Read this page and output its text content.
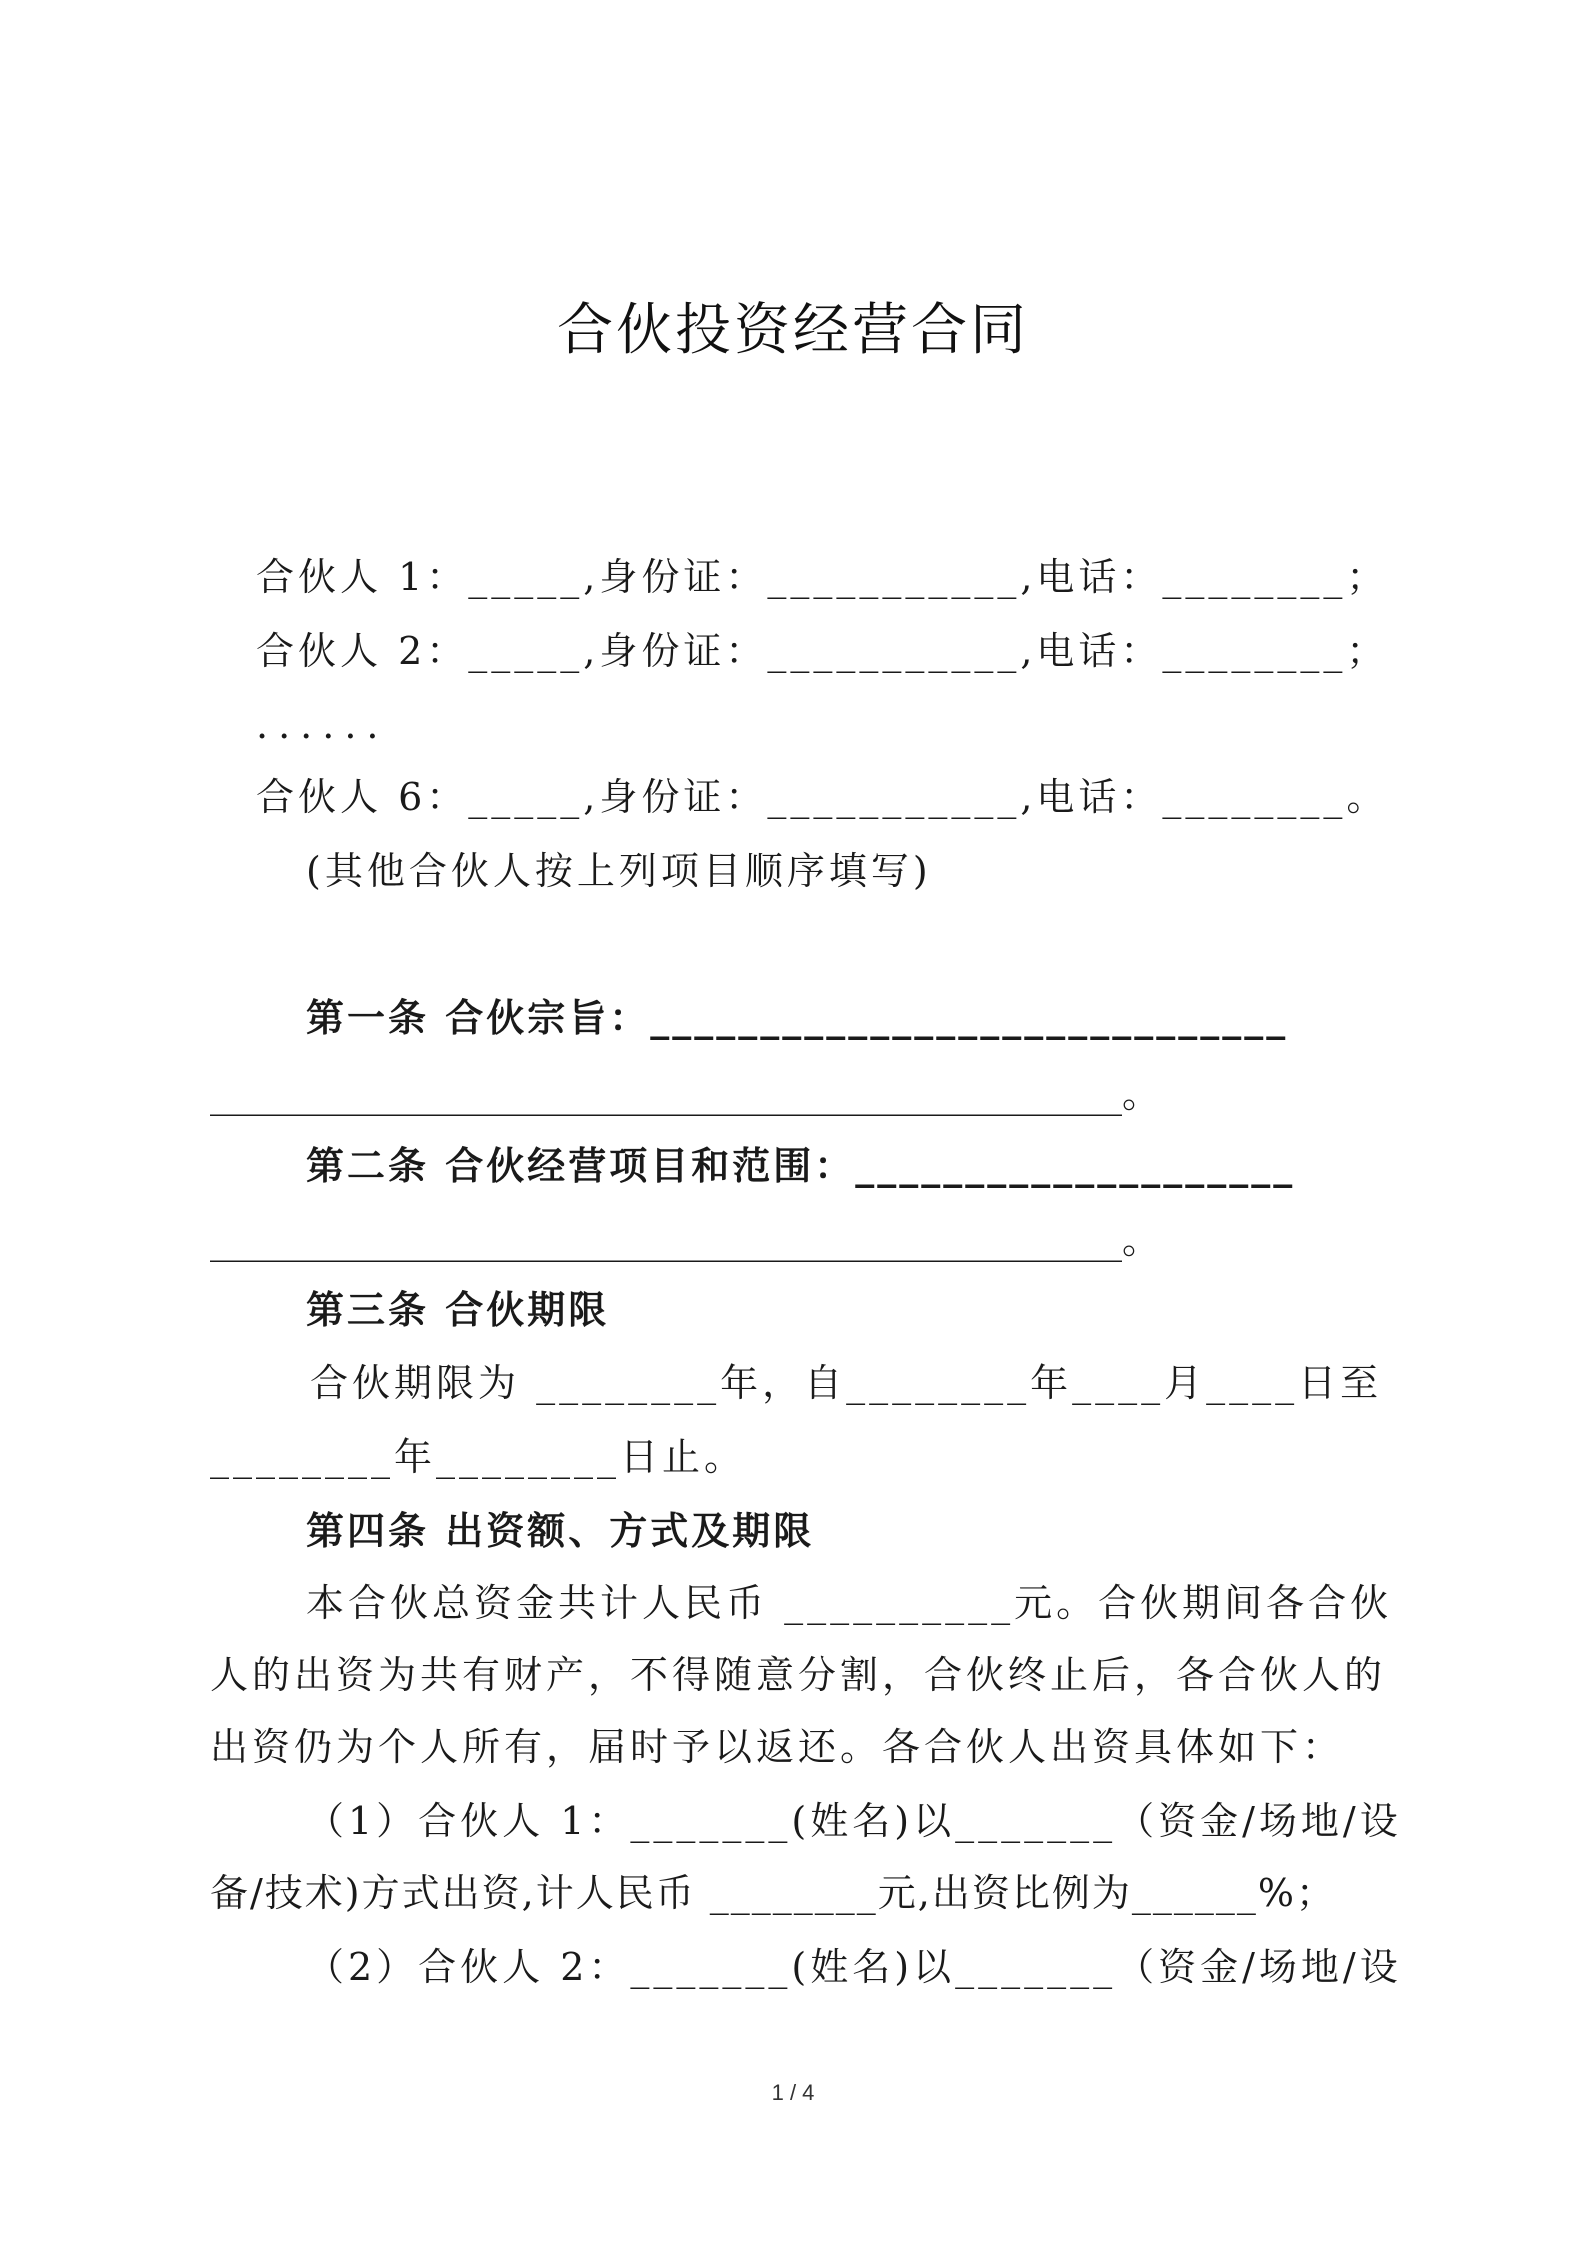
合伙投资经营合同
合伙人 1：_____,身份证：___________,电话：________；
合伙人 2：_____,身份证：___________,电话：________；
......
合伙人 6：_____,身份证：___________,电话：________。
(其他合伙人按上列项目顺序填写)
第一条 合伙宗旨：_____________________________
________________________________________________。
第二条 合伙经营项目和范围：____________________
________________________________________________。
第三条 合伙期限
合伙期限为 ________年，自________年____月____日至
________年________日止。
第四条 出资额、方式及期限
本合伙总资金共计人民币 __________元。合伙期间各合伙
人的出资为共有财产，不得随意分割，合伙终止后，各合伙人的
出资仍为个人所有，届时予以返还。各合伙人出资具体如下：
（1）合伙人 1：_______(姓名)以_______（资金/场地/设
备/技术)方式出资,计人民币 ________元,出资比例为______%；
（2）合伙人 2：_______(姓名)以_______（资金/场地/设
1 / 4
